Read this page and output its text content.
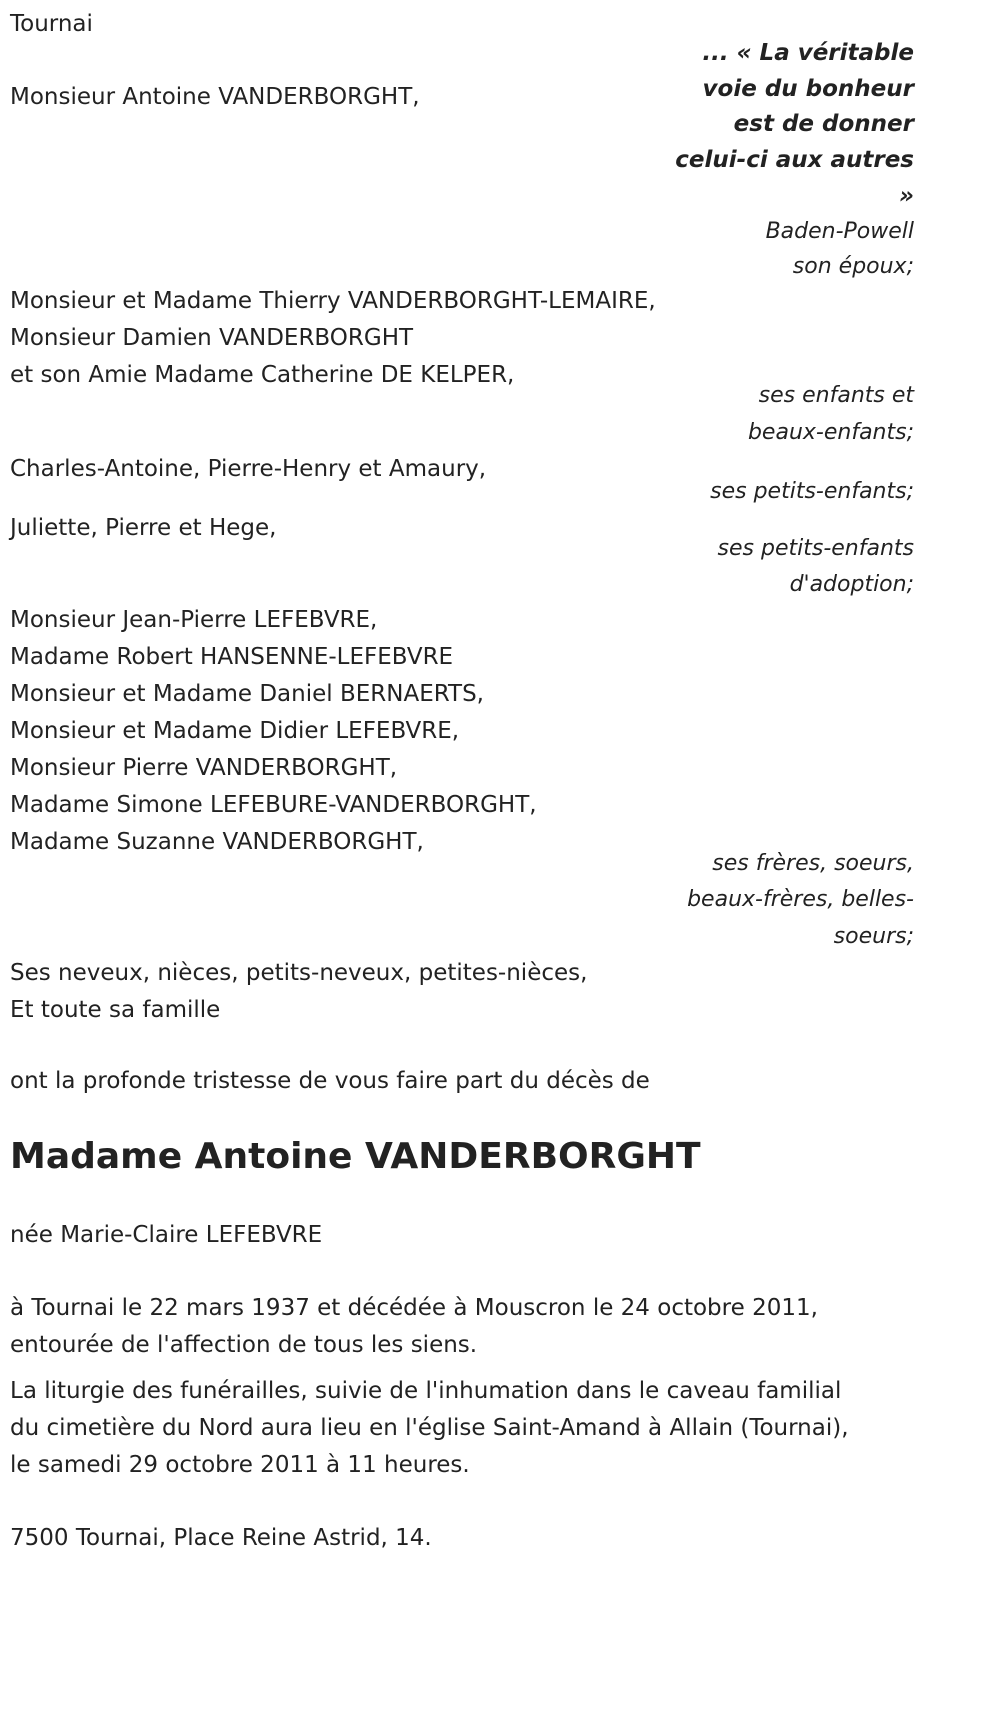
Tournai

Monsieur Antoine VANDERBORGHT,

Monsieur et Madame Thierry VANDERBORGHT-LEMAIRE,

Monsieur Damien VANDERBORGHT

et son Amie Madame Catherine DE KELPER,

Charles-Antoine, Pierre-Henry et Amaury,

Juliette, Pierre et Hege,

Monsieur Jean-Pierre LEFEBVRE,

Madame Robert HANSENNE-LEFEBVRE

Monsieur et Madame Daniel BERNAERTS,

Monsieur et Madame Didier LEFEBVRE,

Monsieur Pierre VANDERBORGHT,

Madame Simone LEFEBURE-VANDERBORGHT,

Madame Suzanne VANDERBORGHT,

Ses neveux, nièces, petits-neveux, petites-nièces,

Et toute sa famille

ont la profonde tristesse de vous faire part du décès de

Madame Antoine VANDERBORGHT

née Marie-Claire LEFEBVRE

à Tournai le 22 mars 1937 et décédée à Mouscron le 24 octobre 2011,

entourée de l'affection de tous les siens.

La liturgie des funérailles, suivie de l'inhumation dans le caveau familial

du cimetière du Nord aura lieu en l'église Saint-Amand à Allain (Tournai),

le samedi 29 octobre 2011 à 11 heures.

7500 Tournai, Place Reine Astrid, 14.

... « La véritable

voie du bonheur

est de donner

celui-ci aux autres

»

Baden-Powell

son époux;

ses enfants et

beaux-enfants;

ses petits-enfants;

ses petits-enfants

d'adoption;

ses frères, soeurs,

beaux-frères, belles-

soeurs;
